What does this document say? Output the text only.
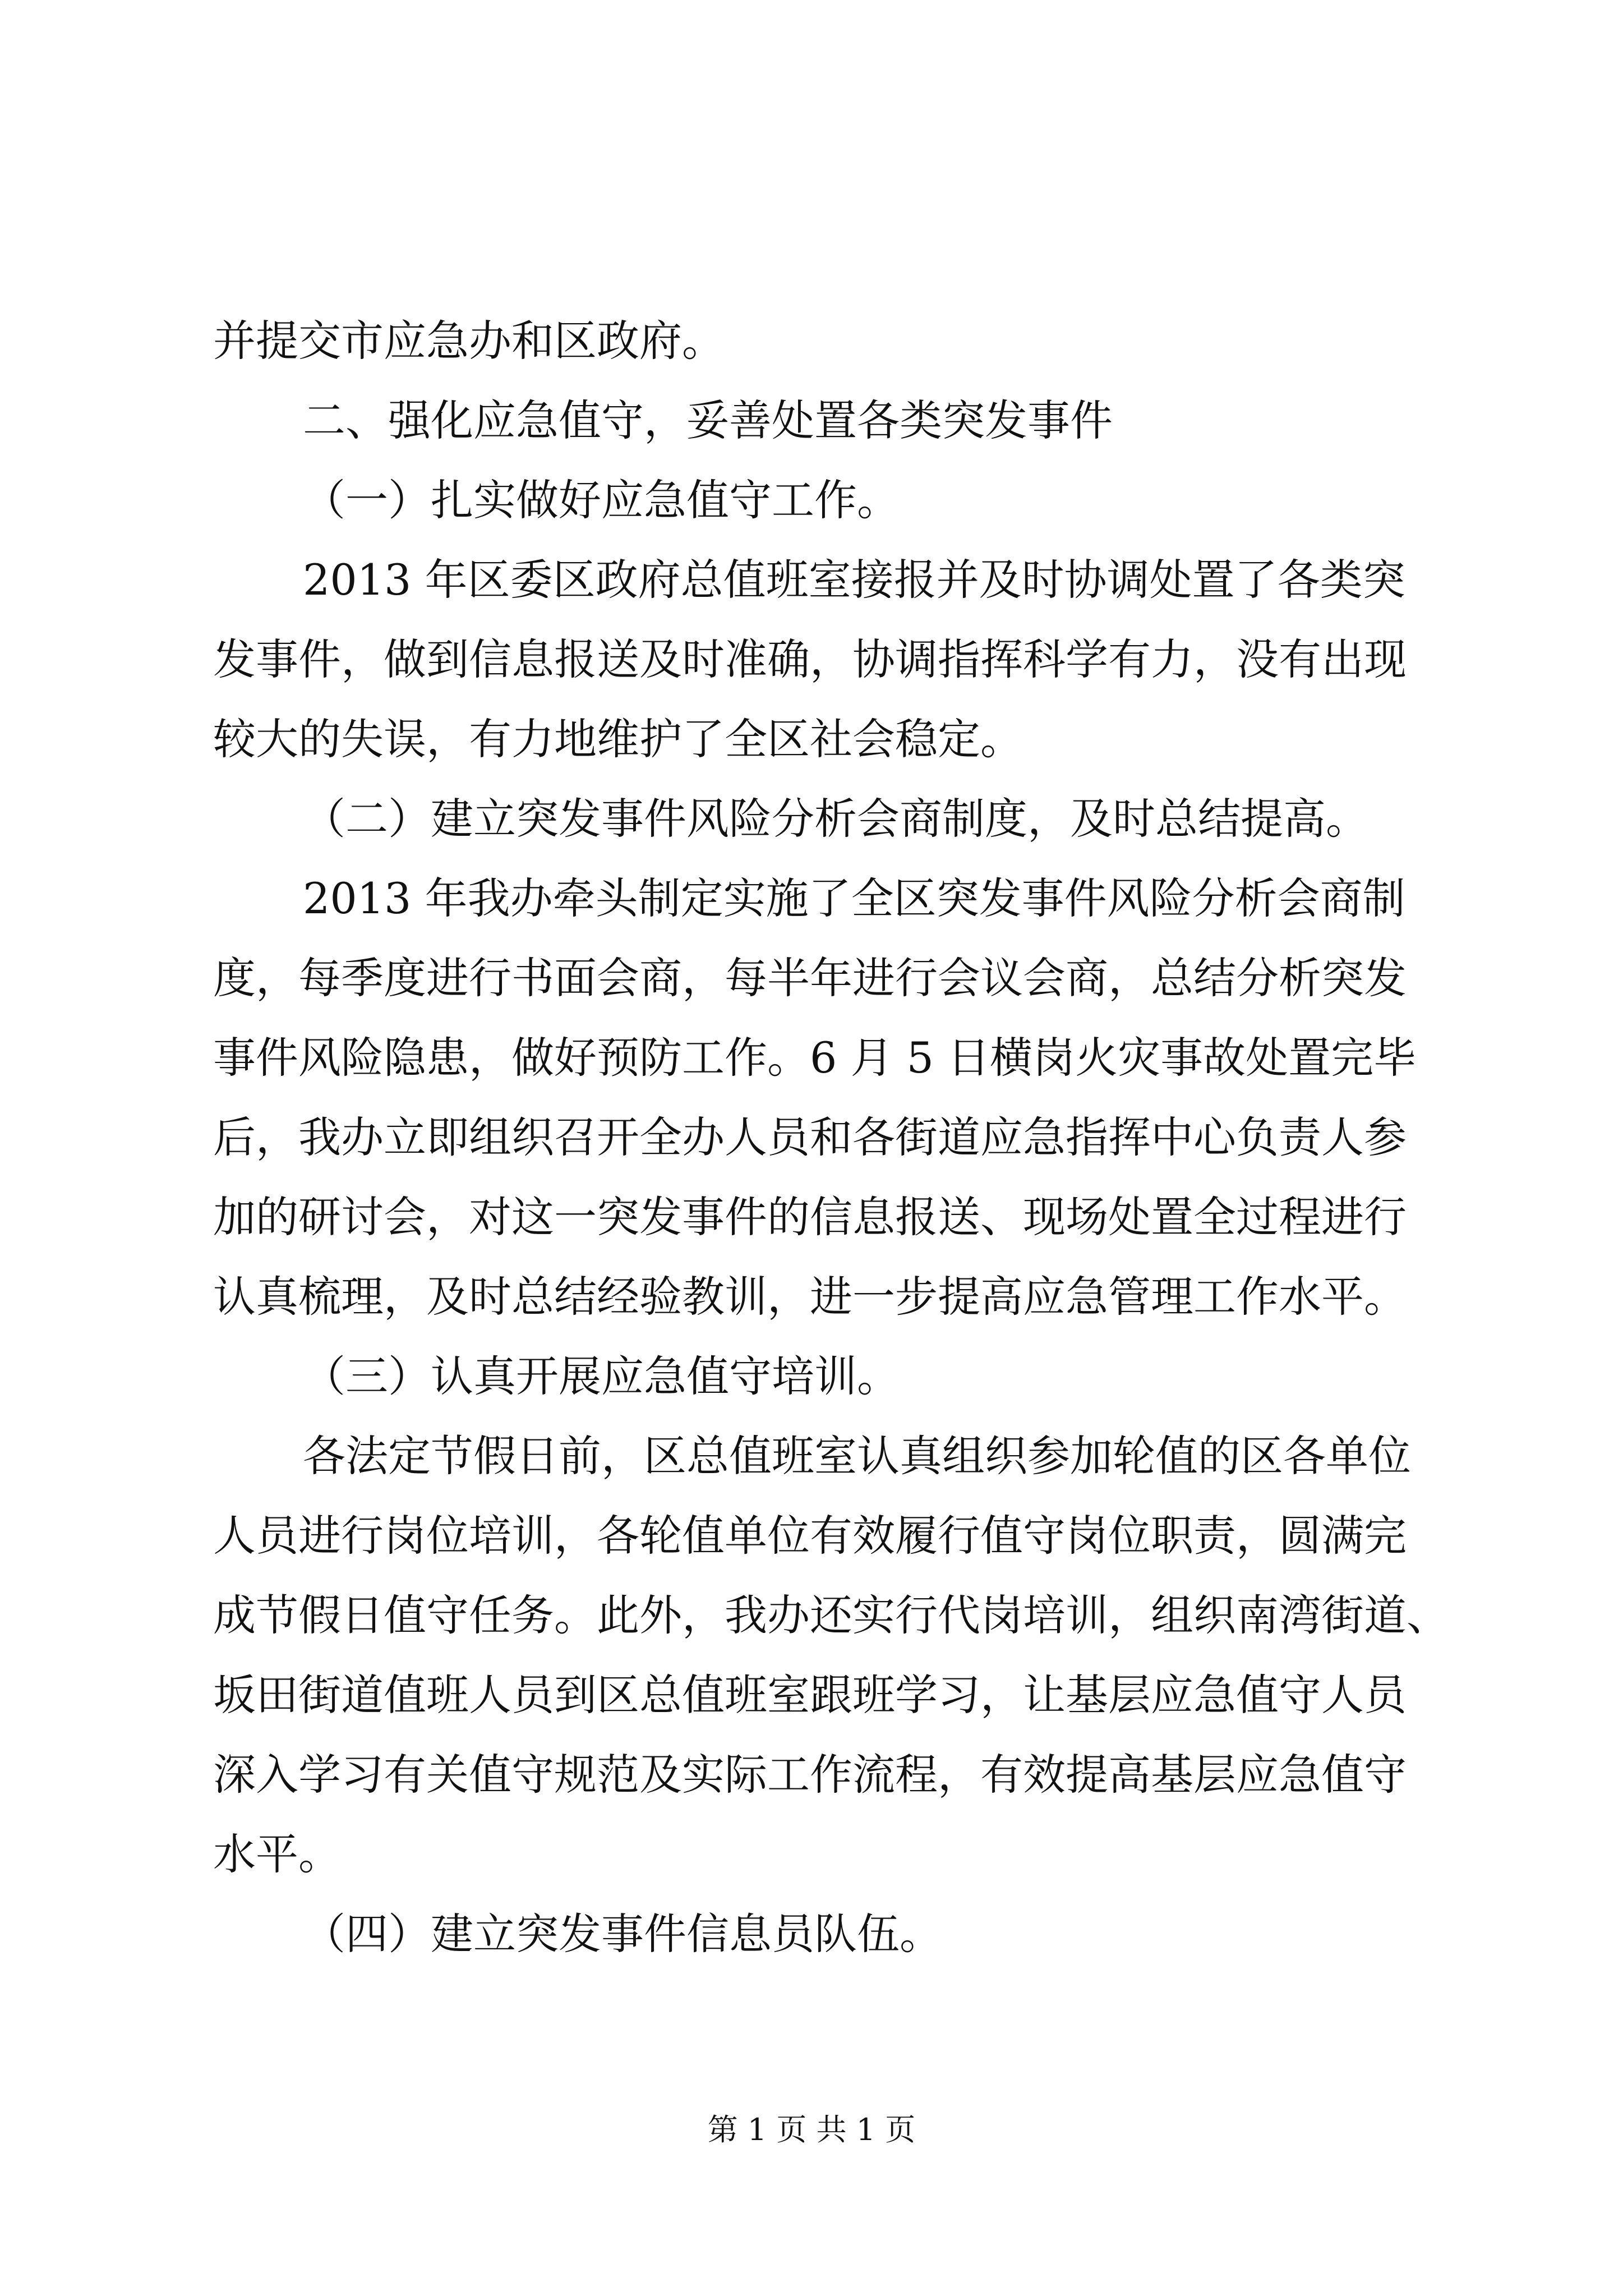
并提交市应急办和区政府。
二、强化应急值守，妥善处置各类突发事件
（一）扎实做好应急值守工作。
2013 年区委区政府总值班室接报并及时协调处置了各类突
发事件，做到信息报送及时准确，协调指挥科学有力，没有出现
较大的失误，有力地维护了全区社会稳定。
（二）建立突发事件风险分析会商制度，及时总结提高。
2013 年我办牵头制定实施了全区突发事件风险分析会商制
度，每季度进行书面会商，每半年进行会议会商，总结分析突发
事件风险隐患，做好预防工作。6 月 5 日横岗火灾事故处置完毕
后，我办立即组织召开全办人员和各街道应急指挥中心负责人参
加的研讨会，对这一突发事件的信息报送、现场处置全过程进行
认真梳理，及时总结经验教训，进一步提高应急管理工作水平。
（三）认真开展应急值守培训。
各法定节假日前，区总值班室认真组织参加轮值的区各单位
人员进行岗位培训，各轮值单位有效履行值守岗位职责，圆满完
成节假日值守任务。此外，我办还实行代岗培训，组织南湾街道、
坂田街道值班人员到区总值班室跟班学习，让基层应急值守人员
深入学习有关值守规范及实际工作流程，有效提高基层应急值守
水平。
（四）建立突发事件信息员队伍。
第 1 页 共 1 页
